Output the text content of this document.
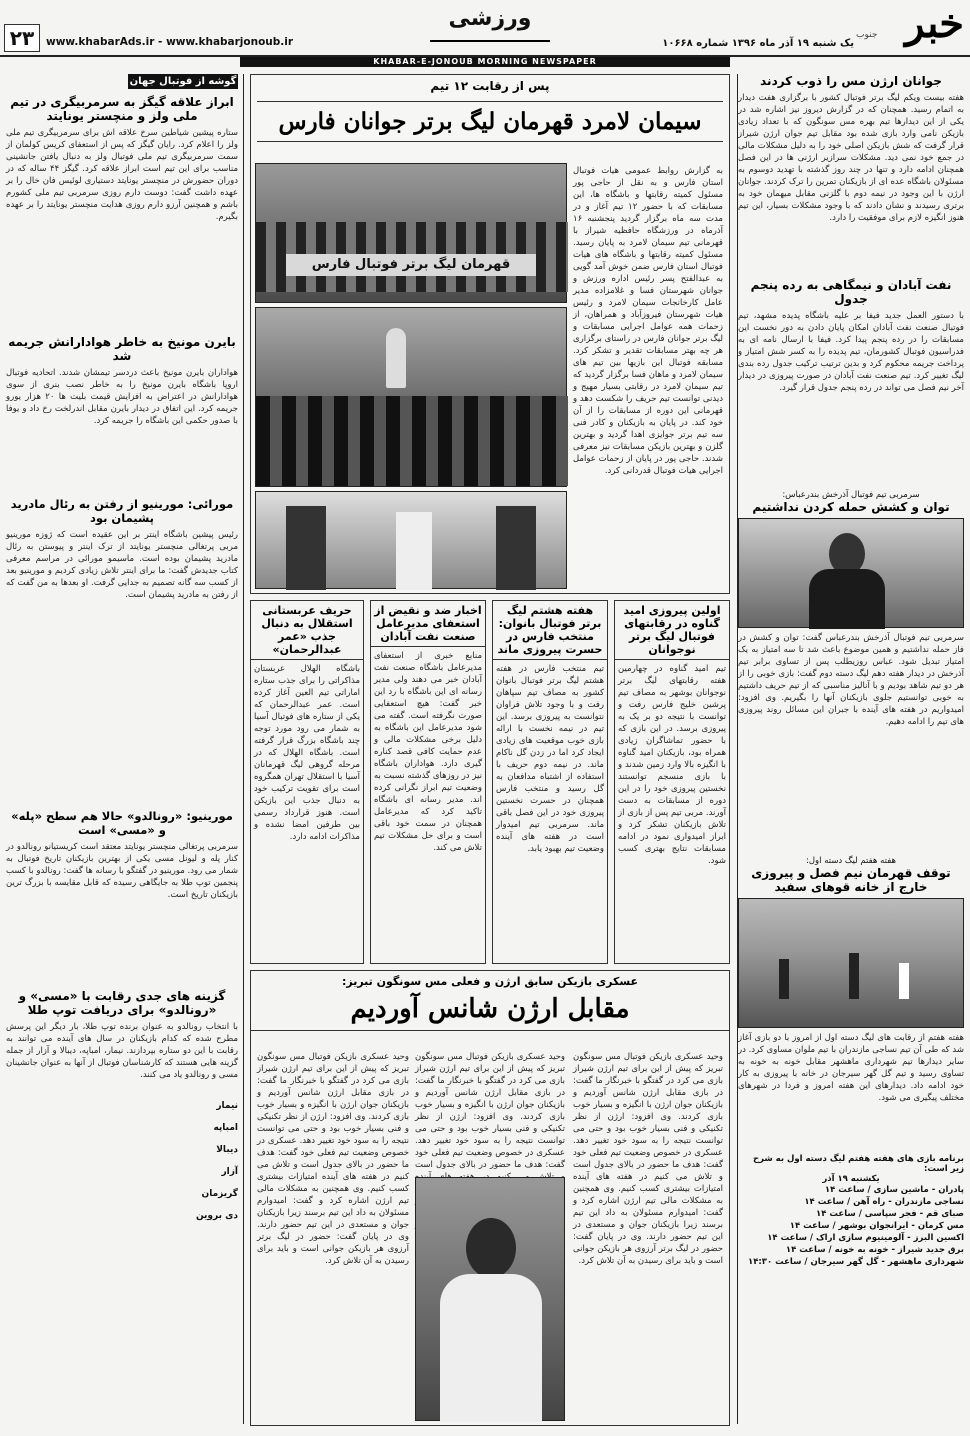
خبر
جنوب
یک شنبه ۱۹ آذر ماه ۱۳۹۶ شماره ۱۰۶۶۸
ورزشی
www.khabarAds.ir - www.khabarjonoub.ir
۲۳
KHABAR-E-JONOUB MORNING NEWSPAPER
جوانان ارژن مس را ذوب کردند
هفته بیست ویکم لیگ برتر فوتبال کشور با برگزاری هفت دیدار به اتمام رسید. همچنان که در گزارش دیروز نیز اشاره شد در یکی از این دیدارها تیم بهره مس سونگون که با تعداد زیادی بازیکن نامی وارد بازی شده بود مقابل تیم جوان ارژن شیراز قرار گرفت که شش بازیکن اصلی خود را به دلیل مشکلات مالی در جمع خود نمی دید. مشکلات سرازیر ارژنی ها در این فصل همچنان ادامه دارد و تنها در چند روز گذشته با تهدید دوسوم به مسئولان باشگاه عده ای از بازیکنان تمرین را ترک کردند. جوانان ارژن با این وجود در نیمه دوم با گلزنی مقابل میهمان خود به برتری رسیدند و نشان دادند که با وجود مشکلات بسیار، این تیم هنوز انگیزه لازم برای موفقیت را دارد.
نفت آبادان و نیمگاهی به رده پنجم جدول
با دستور العمل جدید فیفا بر علیه باشگاه پدیده مشهد، تیم فوتبال صنعت نفت آبادان امکان پایان دادن به دور نخست این مسابقات را در رده پنجم پیدا کرد. فیفا با ارسال نامه ای به فدراسیون فوتبال کشورمان، تیم پدیده را به کسر شش امتیاز و پرداخت جریمه محکوم کرد و بدین ترتیب ترکیب جدول رده بندی لیگ تغییر کرد. تیم صنعت نفت آبادان در صورت پیروزی در دیدار آخر نیم فصل می تواند در رده پنجم جدول قرار گیرد.
سرمربی تیم فوتبال آذرخش بندرعباس:
توان و کشش حمله کردن نداشتیم
سرمربی تیم فوتبال آذرخش بندرعباس گفت: توان و کشش در فاز حمله نداشتیم و همین موضوع باعث شد تا سه امتیاز به یک امتیاز تبدیل شود. عباس روزیطلب پس از تساوی برابر تیم آذرخش در دیدار هفته دهم لیگ دسته دوم گفت: بازی خوبی را از هر دو تیم شاهد بودیم و با آنالیز مناسبی که از تیم حریف داشتیم به خوبی توانستیم جلوی بازیکنان آنها را بگیریم. وی افزود: امیدواریم در هفته های آینده با جبران این مسائل روند پیروزی های تیم را ادامه دهیم.
هفته هفتم لیگ دسته اول:
توقف قهرمان نیم فصل و پیروزی خارج از خانه قوهای سفید
هفته هفتم از رقابت های لیگ دسته اول از امروز با دو بازی آغاز شد که طی آن تیم نساجی مازندران با تیم ملوان مساوی کرد. در سایر دیدارها تیم شهرداری ماهشهر مقابل خونه به خونه به تساوی رسید و تیم گل گهر سیرجان در خانه با پیروزی به کار خود ادامه داد. دیدارهای این هفته امروز و فردا در شهرهای مختلف پیگیری می شود.
برنامه بازی های هفته هفتم لیگ دسته اول به شرح زیر است:
یکشنبه ۱۹ آذر
پادران - ماشین سازی / ساعت ۱۴
نساجی مازندران - راه آهن / ساعت ۱۴
صبای قم - فجر سپاسی / ساعت ۱۴
مس کرمان - ایرانجوان بوشهر / ساعت ۱۴
اکسین البرز - آلومینیوم سازی اراک / ساعت ۱۴
برق جدید شیراز - خونه به خونه / ساعت ۱۴
شهرداری ماهشهر - گل گهر سیرجان / ساعت ۱۴:۳۰
پس از رقابت ۱۲ تیم
سیمان لامرد قهرمان لیگ برتر جوانان فارس
به گزارش روابط عمومی هیات فوتبال استان فارس و به نقل از حاجی پور مسئول کمیته رقابتها و باشگاه ها، این مسابقات که با حضور ۱۲ تیم آغاز و در مدت سه ماه برگزار گردید پنجشنبه ۱۶ آذرماه در ورزشگاه حافظیه شیراز با قهرمانی تیم سیمان لامرد به پایان رسید. مسئول کمیته رقابتها و باشگاه های هیات فوتبال استان فارس ضمن خوش آمد گویی به عبدالفتح پسر رئیس اداره ورزش و جوانان شهرستان فسا و غلامزاده مدیر عامل کارخانجات سیمان لامرد و رئیس هیات شهرستان فیروزآباد و همراهان، از زحمات همه عوامل اجرایی مسابقات و لیگ برتر جوانان فارس در راستای برگزاری هر چه بهتر مسابقات تقدیر و تشکر کرد. مسابقه فوتبال این بازیها بین تیم های سیمان لامرد و ماهان فسا برگزار گردید که تیم سیمان لامرد در رقابتی بسیار مهیج و دیدنی توانست تیم حریف را شکست دهد و قهرمانی این دوره از مسابقات را از آن خود کند. در پایان به بازیکنان و کادر فنی سه تیم برتر جوایزی اهدا گردید و بهترین گلزن و بهترین بازیکن مسابقات نیز معرفی شدند. حاجی پور در پایان از زحمات عوامل اجرایی هیات فوتبال قدردانی کرد.
قهرمان لیگ برتر فوتبال فارس
اولین پیروزی امید گناوه در رقابتهای فوتبال لیگ برتر نوجوانان
تیم امید گناوه در چهارمین هفته رقابتهای لیگ برتر نوجوانان بوشهر به مصاف تیم پرشین خلیج فارس رفت و توانست با نتیجه دو بر یک به پیروزی برسد. در این بازی که با حضور تماشاگران زیادی همراه بود، بازیکنان امید گناوه با انگیزه بالا وارد زمین شدند و با بازی منسجم توانستند نخستین پیروزی خود را در این دوره از مسابقات به دست آورند. مربی تیم پس از بازی از تلاش بازیکنان تشکر کرد و ابراز امیدواری نمود در ادامه مسابقات نتایج بهتری کسب شود.
هفته هشتم لیگ برتر فوتبال بانوان: منتخب فارس در حسرت پیروزی ماند
تیم منتخب فارس در هفته هشتم لیگ برتر فوتبال بانوان کشور به مصاف تیم سپاهان رفت و با وجود تلاش فراوان نتوانست به پیروزی برسد. این تیم در نیمه نخست با ارائه بازی خوب موقعیت های زیادی ایجاد کرد اما در زدن گل ناکام ماند. در نیمه دوم حریف با استفاده از اشتباه مدافعان به گل رسید و منتخب فارس همچنان در حسرت نخستین پیروزی خود در این فصل باقی ماند. سرمربی تیم امیدوار است در هفته های آینده وضعیت تیم بهبود یابد.
اخبار ضد و نقیض از استعفای مدیرعامل صنعت نفت آبادان
منابع خبری از استعفای مدیرعامل باشگاه صنعت نفت آبادان خبر می دهند ولی مدیر رسانه ای این باشگاه با رد این خبر گفت: هیچ استعفایی صورت نگرفته است. گفته می شود مدیرعامل این باشگاه به دلیل برخی مشکلات مالی و عدم حمایت کافی قصد کناره گیری دارد. هواداران باشگاه نیز در روزهای گذشته نسبت به وضعیت تیم ابراز نگرانی کرده اند. مدیر رسانه ای باشگاه تاکید کرد که مدیرعامل همچنان در سمت خود باقی است و برای حل مشکلات تیم تلاش می کند.
حریف عربستانی استقلال به دنبال جذب «عمر عبدالرحمان»
باشگاه الهلال عربستان مذاکراتی را برای جذب ستاره اماراتی تیم العین آغاز کرده است. عمر عبدالرحمان که یکی از ستاره های فوتبال آسیا به شمار می رود مورد توجه چند باشگاه بزرگ قرار گرفته است. باشگاه الهلال که در مرحله گروهی لیگ قهرمانان آسیا با استقلال تهران همگروه است برای تقویت ترکیب خود به دنبال جذب این بازیکن است. هنوز قرارداد رسمی بین طرفین امضا نشده و مذاکرات ادامه دارد.
عسکری بازیکن سابق ارژن و فعلی مس سونگون تبریز:
مقابل ارژن شانس آوردیم
وحید عسکری بازیکن فوتبال مس سونگون تبریز که پیش از این برای تیم ارژن شیراز بازی می کرد در گفتگو با خبرنگار ما گفت: در بازی مقابل ارژن شانس آوردیم و بازیکنان جوان ارژن با انگیزه و بسیار خوب بازی کردند. وی افزود: ارژن از نظر تکنیکی و فنی بسیار خوب بود و حتی می توانست نتیجه را به سود خود تغییر دهد. عسکری در خصوص وضعیت تیم فعلی خود گفت: هدف ما حضور در بالای جدول است و تلاش می کنیم در هفته های آینده امتیازات بیشتری کسب کنیم. وی همچنین به مشکلات مالی تیم ارژن اشاره کرد و گفت: امیدوارم مسئولان به داد این تیم برسند زیرا بازیکنان جوان و مستعدی در این تیم حضور دارند. وی در پایان گفت: حضور در لیگ برتر آرزوی هر بازیکن جوانی است و باید برای رسیدن به آن تلاش کرد.
وحید عسکری بازیکن فوتبال مس سونگون تبریز که پیش از این برای تیم ارژن شیراز بازی می کرد در گفتگو با خبرنگار ما گفت: در بازی مقابل ارژن شانس آوردیم و بازیکنان جوان ارژن با انگیزه و بسیار خوب بازی کردند. وی افزود: ارژن از نظر تکنیکی و فنی بسیار خوب بود و حتی می توانست نتیجه را به سود خود تغییر دهد. عسکری در خصوص وضعیت تیم فعلی خود گفت: هدف ما حضور در بالای جدول است
وحید عسکری بازیکن فوتبال مس سونگون تبریز که پیش از این برای تیم ارژن شیراز بازی می کرد در گفتگو با خبرنگار ما گفت: در بازی مقابل ارژن شانس آوردیم و بازیکنان جوان ارژن با انگیزه و بسیار خوب بازی کردند. وی افزود: ارژن از نظر تکنیکی و فنی بسیار خوب بود و حتی می توانست نتیجه را به سود خود تغییر دهد. عسکری در خصوص وضعیت تیم فعلی خود گفت: هدف ما حضور در بالای جدول است و تلاش می کنیم در هفته های آینده امتیازات بیشتری کسب کنیم. وی همچنین به مشکلات مالی تیم ارژن اشاره کرد و گفت: امیدوارم مسئولان به داد این تیم برسند زیرا بازیکنان جوان و مستعدی در این تیم حضور دارند. وی در پایان گفت: حضور در لیگ برتر آرزوی هر بازیکن جوانی است و باید برای رسیدن به آن تلاش کرد.
گوشه از فوتبال جهان
ابراز علاقه گیگز به سرمربیگری در تیم ملی ولز و منچستر یونایتد
ستاره پیشین شیاطین سرخ علاقه اش برای سرمربیگری تیم ملی ولز را اعلام کرد. رایان گیگز که پس از استعفای کریس کولمان از سمت سرمربیگری تیم ملی فوتبال ولز به دنبال یافتن جانشینی مناسب برای این تیم است ابراز علاقه کرد. گیگز ۴۴ ساله که در دوران حضورش در منچستر یونایتد دستیاری لوئیس فان خال را بر عهده داشت گفت: دوست دارم روزی سرمربی تیم ملی کشورم باشم و همچنین آرزو دارم روزی هدایت منچستر یونایتد را بر عهده بگیرم.
بایرن مونیخ به خاطر هوادارانش جریمه شد
هواداران بایرن مونیخ باعث دردسر تیمشان شدند. اتحادیه فوتبال اروپا باشگاه بایرن مونیخ را به خاطر نصب بنری از سوی هوادارانش در اعتراض به افزایش قیمت بلیت ها ۲۰ هزار یورو جریمه کرد. این اتفاق در دیدار بایرن مقابل اندرلخت رخ داد و یوفا با صدور حکمی این باشگاه را جریمه کرد.
مورائی: مورینیو از رفتن به رئال مادرید پشیمان بود
رئیس پیشین باشگاه اینتر بر این عقیده است که ژوزه مورینیو مربی پرتغالی منچستر یونایتد از ترک اینتر و پیوستن به رئال مادرید پشیمان بوده است. ماسیمو مورائی در مراسم معرفی کتاب جدیدش گفت: ما برای اینتر تلاش زیادی کردیم و مورینیو بعد از کسب سه گانه تصمیم به جدایی گرفت. او بعدها به من گفت که از رفتن به مادرید پشیمان است.
مورینیو: «رونالدو» حالا هم سطح «پله» و «مسی» است
سرمربی پرتغالی منچستر یونایتد معتقد است کریستیانو رونالدو در کنار پله و لیونل مسی یکی از بهترین بازیکنان تاریخ فوتبال به شمار می رود. مورینیو در گفتگو با رسانه ها گفت: رونالدو با کسب پنجمین توپ طلا به جایگاهی رسیده که قابل مقایسه با بزرگ ترین بازیکنان تاریخ است.
گزینه های جدی رقابت با «مسی» و «رونالدو» برای دریافت توپ طلا
با انتخاب رونالدو به عنوان برنده توپ طلا، بار دیگر این پرسش مطرح شده که کدام بازیکنان در سال های آینده می توانند به رقابت با این دو ستاره بپردازند. نیمار، امباپه، دیبالا و آزار از جمله گزینه هایی هستند که کارشناسان فوتبال از آنها به عنوان جانشینان مسی و رونالدو یاد می کنند.
نیمار
امباپه
دیبالا
آزار
گریزمان
دی بروین
